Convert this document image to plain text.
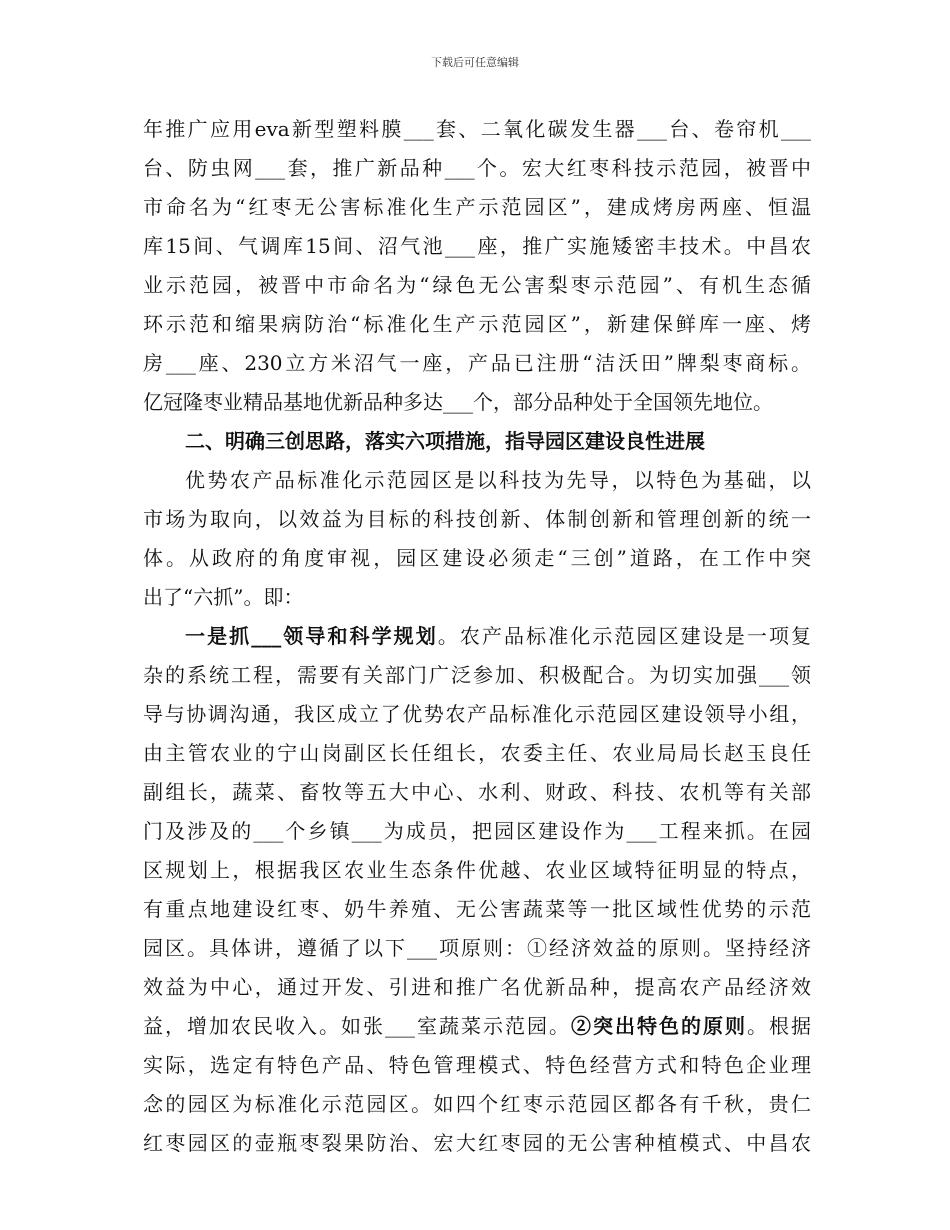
下载后可任意编辑
年推广应用eva新型塑料膜___套、二氧化碳发生器___台、卷帘机___
台、防虫网___套，推广新品种___个。宏大红枣科技示范园，被晋中
市命名为“红枣无公害标准化生产示范园区”，建成烤房两座、恒温
库15间、气调库15间、沼气池___座，推广实施矮密丰技术。中昌农
业示范园，被晋中市命名为“绿色无公害梨枣示范园”、有机生态循
环示范和缩果病防治“标准化生产示范园区”，新建保鲜库一座、烤
房___座、230立方米沼气一座，产品已注册“洁沃田”牌梨枣商标。
亿冠隆枣业精品基地优新品种多达___个，部分品种处于全国领先地位。
二、明确三创思路，落实六项措施，指导园区建设良性进展
优势农产品标准化示范园区是以科技为先导，以特色为基础，以
市场为取向，以效益为目标的科技创新、体制创新和管理创新的统一
体。从政府的角度审视，园区建设必须走“三创”道路，在工作中突
出了“六抓”。即：
一是抓___领导和科学规划。农产品标准化示范园区建设是一项复
杂的系统工程，需要有关部门广泛参加、积极配合。为切实加强___领
导与协调沟通，我区成立了优势农产品标准化示范园区建设领导小组，
由主管农业的宁山岗副区长任组长，农委主任、农业局局长赵玉良任
副组长，蔬菜、畜牧等五大中心、水利、财政、科技、农机等有关部
门及涉及的___个乡镇___为成员，把园区建设作为___工程来抓。在园
区规划上，根据我区农业生态条件优越、农业区域特征明显的特点，
有重点地建设红枣、奶牛养殖、无公害蔬菜等一批区域性优势的示范
园区。具体讲，遵循了以下___项原则：①经济效益的原则。坚持经济
效益为中心，通过开发、引进和推广名优新品种，提高农产品经济效
益，增加农民收入。如张___室蔬菜示范园。②突出特色的原则。根据
实际，选定有特色产品、特色管理模式、特色经营方式和特色企业理
念的园区为标准化示范园区。如四个红枣示范园区都各有千秋，贵仁
红枣园区的壶瓶枣裂果防治、宏大红枣园的无公害种植模式、中昌农
